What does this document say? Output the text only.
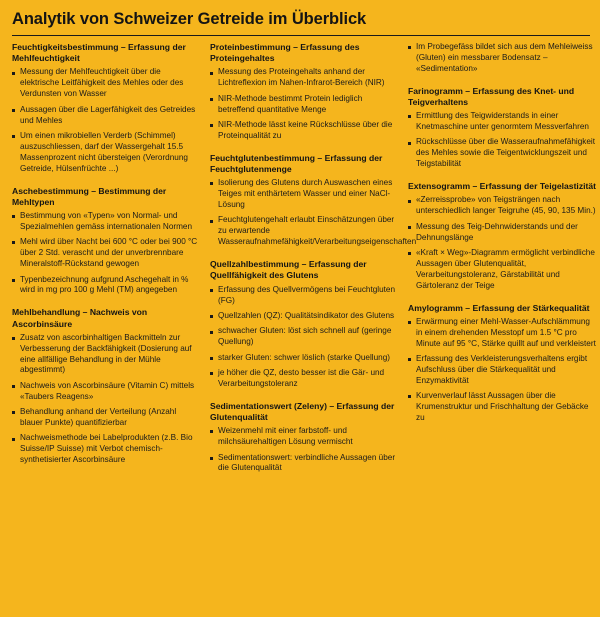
Analytik von Schweizer Getreide im Überblick
Feuchtigkeitsbestimmung – Erfassung der Mehlfeuchtigkeit
Messung der Mehlfeuchtigkeit über die elektrische Leitfähigkeit des Mehles oder des Verdunsten von Wasser
Aussagen über die Lagerfähigkeit des Getreides und Mehles
Um einen mikrobiellen Verderb (Schimmel) auszuschliessen, darf der Wassergehalt 15.5 Massenprozent nicht übersteigen (Verordnung Getreide, Hülsenfrüchte ...)
Aschebestimmung – Bestimmung der Mehltypen
Bestimmung von «Typen» von Normal- und Spezialmehlen gemäss internationalen Normen
Mehl wird über Nacht bei 600 °C oder bei 900 °C über 2 Std. verascht und der unverbrennbare Mineralstoff-Rückstand gewogen
Typenbezeichnung aufgrund Aschegehalt in % wird in mg pro 100 g Mehl (TM) angegeben
Mehlbehandlung – Nachweis von Ascorbinsäure
Zusatz von ascorbinhaltigen Backmitteln zur Verbesserung der Backfähigkeit (Dosierung auf eine allfällige Behandlung in der Mühle abgestimmt)
Nachweis von Ascorbinsäure (Vitamin C) mittels «Taubers Reagens»
Behandlung anhand der Verteilung (Anzahl blauer Punkte) quantifizierbar
Nachweismethode bei Labelprodukten (z.B. Bio Suisse/IP Suisse) mit Verbot chemisch-synthetisierter Ascorbinsäure
Proteinbestimmung – Erfassung des Proteingehaltes
Messung des Proteingehalts anhand der Lichtreflexion im Nahen-Infrarot-Bereich (NIR)
NIR-Methode bestimmt Protein lediglich betreffend quantitative Menge
NIR-Methode lässt keine Rückschlüsse über die Proteinqualität zu
Feuchtglutenbestimmung – Erfassung der Feuchtglutenmenge
Isolierung des Glutens durch Auswaschen eines Teiges mit enthärtetem Wasser und einer NaCl-Lösung
Feuchtglutengehalt erlaubt Einschätzungen über zu erwartende Wasseraufnahmefähigkeit/Verarbeitungseigenschaften
Quellzahlbestimmung – Erfassung der Quellfähigkeit des Glutens
Erfassung des Quellvermögens bei Feuchtgluten (FG)
Quellzahlen (QZ): Qualitätsindikator des Glutens
schwacher Gluten: löst sich schnell auf (geringe Quellung)
starker Gluten: schwer löslich (starke Quellung)
je höher die QZ, desto besser ist die Gär- und Verarbeitungstoleranz
Sedimentationswert (Zeleny) – Erfassung der Glutenqualität
Weizenmehl mit einer farbstoff- und milchsäurehaltigen Lösung vermischt
Sedimentationswert: verbindliche Aussagen über die Glutenqualität
Im Probegefäss bildet sich aus dem Mehleiweiss (Gluten) ein messbarer Bodensatz – «Sedimentation»
Farinogramm – Erfassung des Knet- und Teigverhaltens
Ermittlung des Teigwiderstands in einer Knetmaschine unter genormtem Messverfahren
Rückschlüsse über die Wasseraufnahmefähigkeit des Mehles sowie die Teigentwicklungszeit und Teigstabilität
Extensogramm – Erfassung der Teigelastizität
«Zerreissprobe» von Teigsträngen nach unterschiedlich langer Teigruhe (45, 90, 135 Min.)
Messung des Teig-Dehnwiderstands und der Dehnungslänge
«Kraft × Weg»-Diagramm ermöglicht verbindliche Aussagen über Glutenqualität, Verarbeitungstoleranz, Gärstabilität und Gärtoleranz der Teige
Amylogramm – Erfassung der Stärkequalität
Erwärmung einer Mehl-Wasser-Aufschlämmung in einem drehenden Messtopf um 1.5 °C pro Minute auf 95 °C, Stärke quillt auf und verkleistert
Erfassung des Verkleisterungsverhaltens ergibt Aufschluss über die Stärkequalität und Enzymaktivität
Kurvenverlauf lässt Aussagen über die Krumenstruktur und Frischhaltung der Gebäcke zu
